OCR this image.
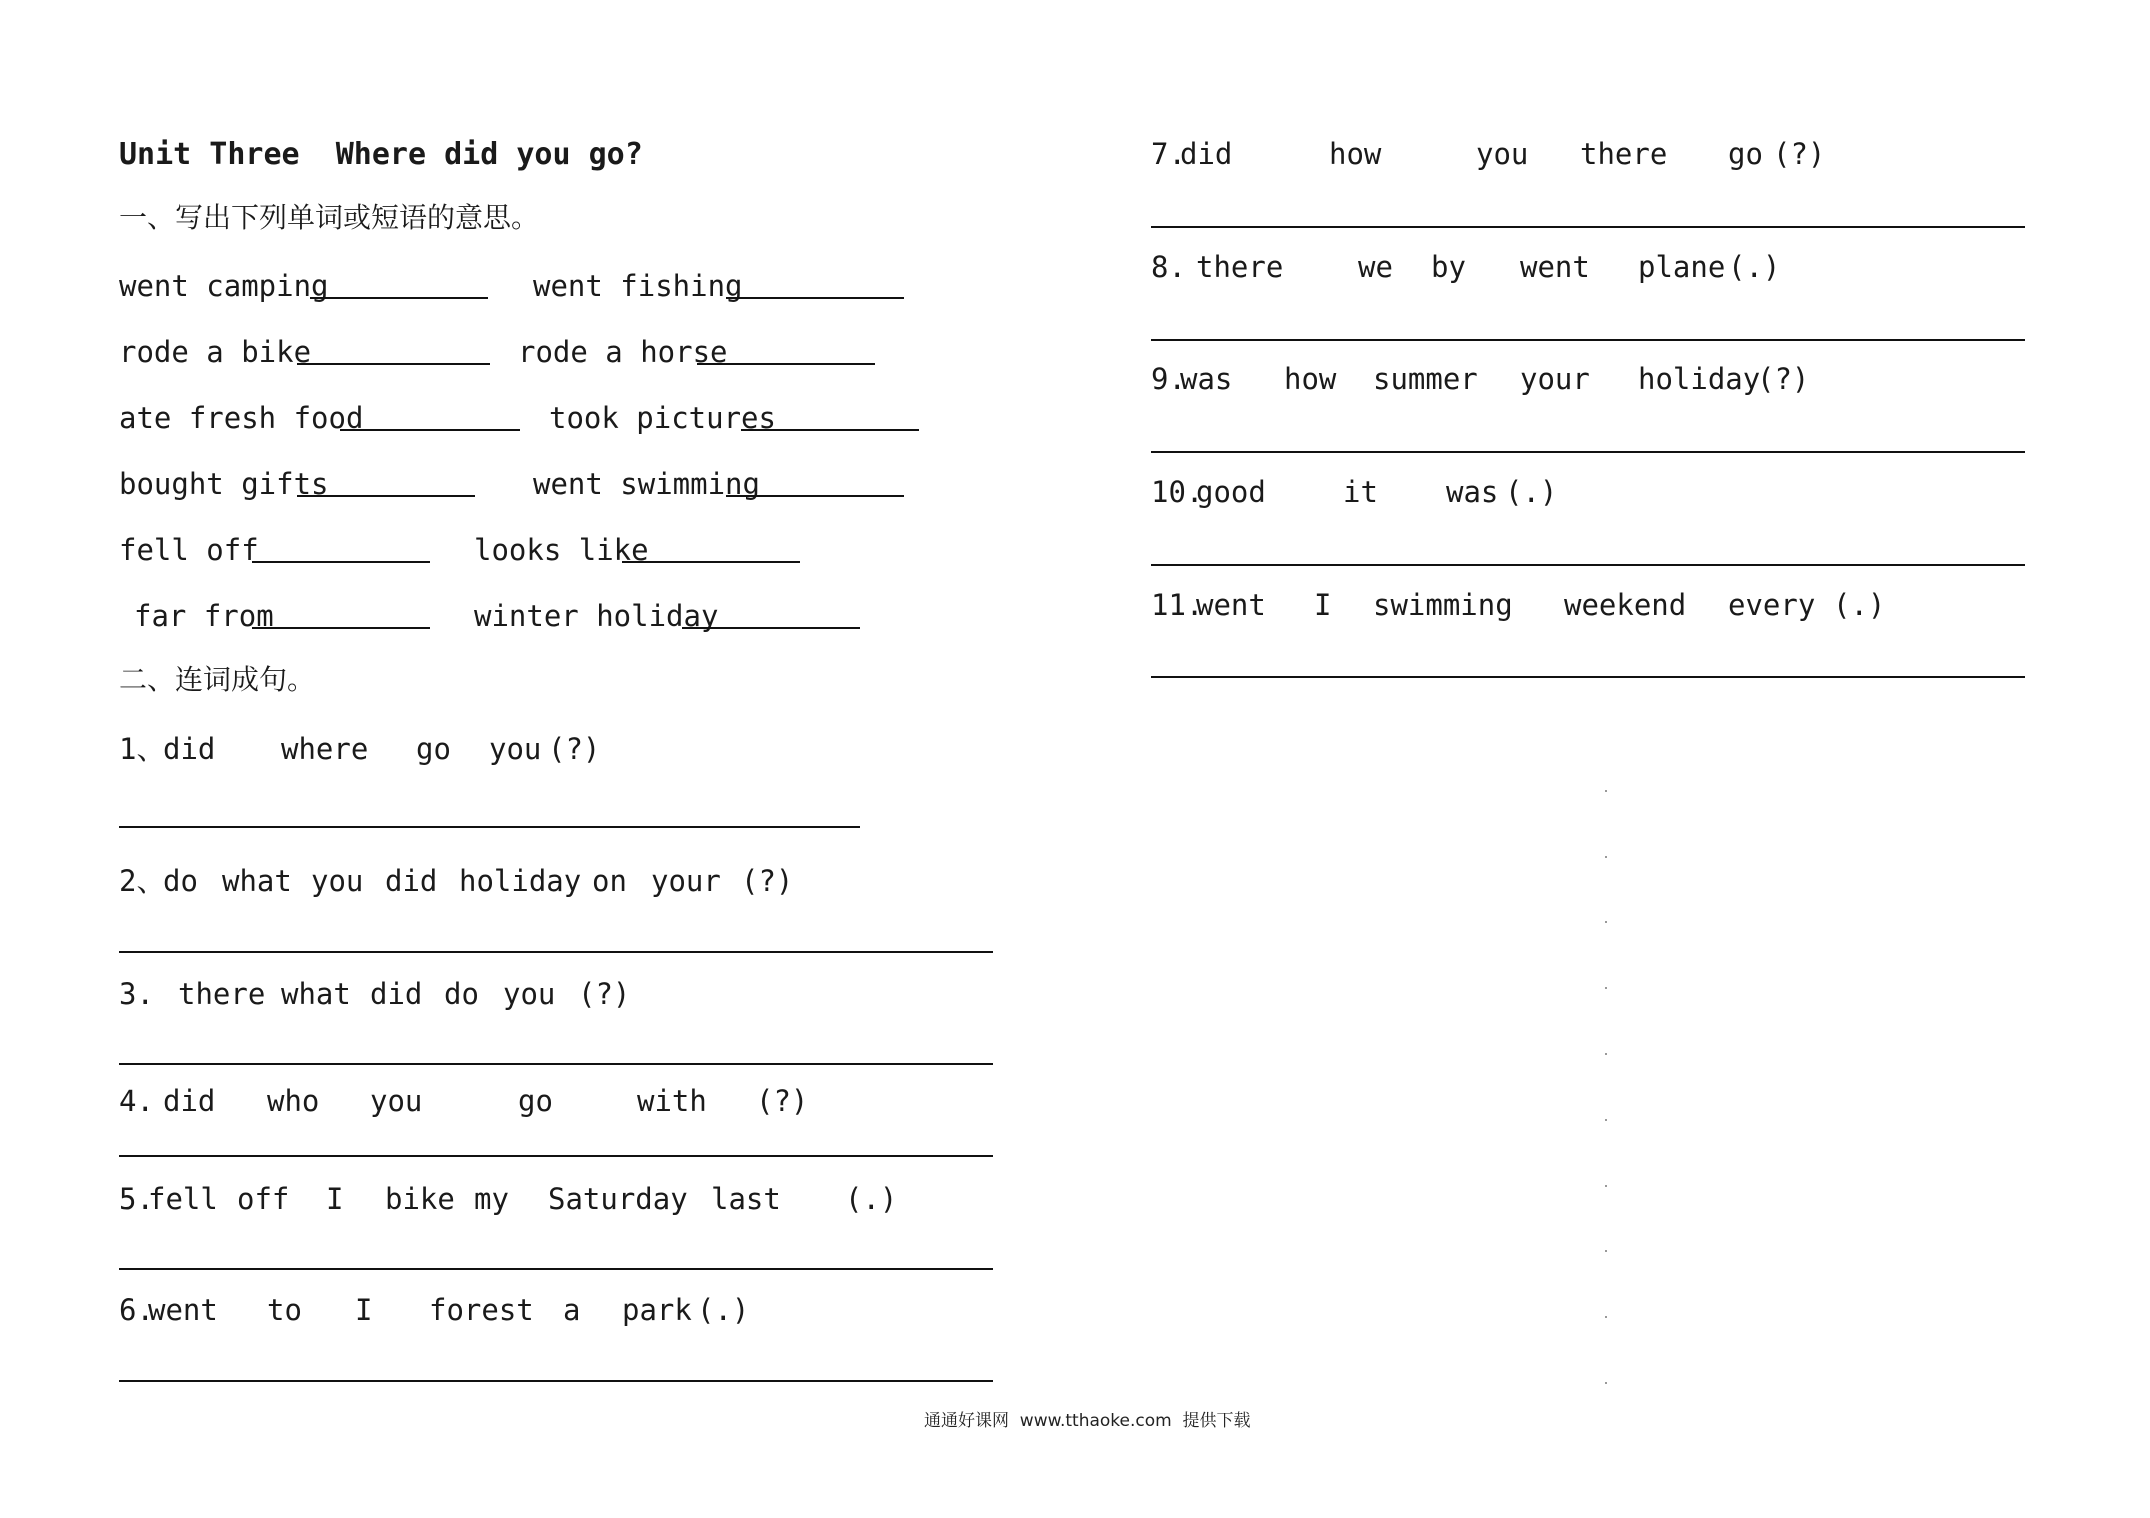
Unit Three  Where did you go?
一、写出下列单词或短语的意思。
went camping	went fishing
rode a bike	rode a horse
ate fresh food	took pictures
bought gifts	went swimming
fell off	looks like
far from	winter holiday
二、连词成句。
1、
did where go you (?)
2、
do what you did holiday on your (?)
3. there what did do you (?)
4. did who you	go	with (?)
5.
fell off I bike my Saturday last (.)
6.
went to I forest a park (.)
7.
did	how	you there go (?)
8. there	we by went plane (.)
9.
was how summer your holiday
(?)
10.
good	it was (.)
11.
went I swimming weekend every (.)
通通好课网  www.tthaoke.com  提供下载
